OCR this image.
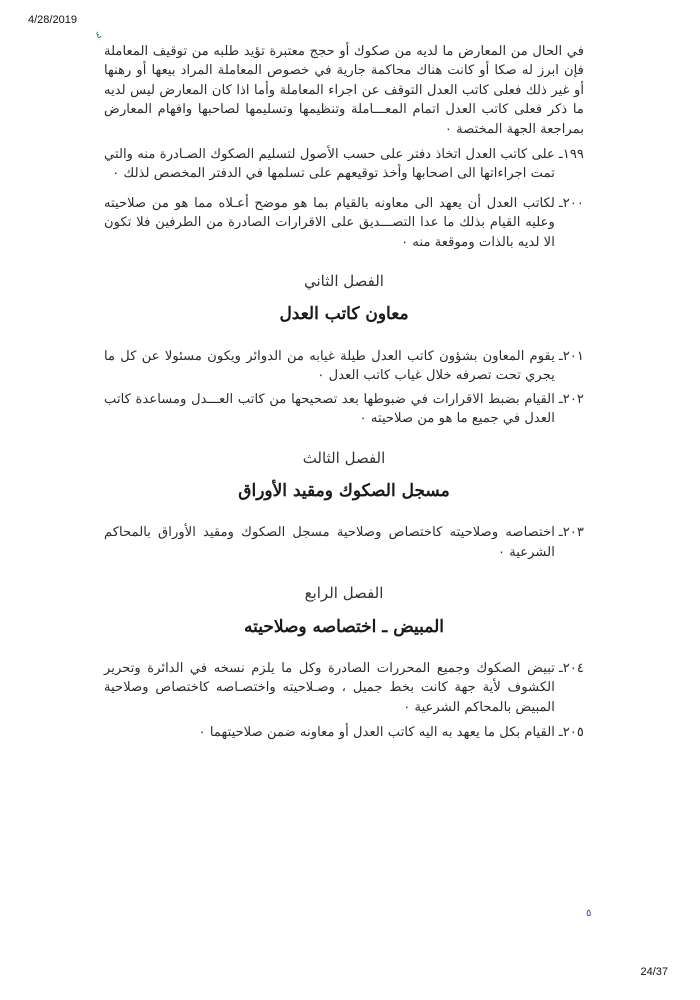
4/28/2019
٤

في الحال من المعارض ما لديه من صكوك أو حجج معتبرة تؤيد طلبه من توقيف المعاملة فإن ابرز له صكا أو كانت هناك محاكمة جارية في خصوص المعاملة المراد بيعها أو رهنها أو غير ذلك فعلى كاتب العدل التوقف عن اجراء المعاملة وأما اذا كان المعارض ليس لديه ما ذكر فعلى كاتب العدل اتمام المعـــاملة وتنظيمها وتسليمها لصاحبها وافهام المعارض بمراجعة الجهة المختصة ٠

١٩٩ـ
على كاتب العدل اتخاذ دفتر على حسب الأصول لتسليم الصكوك الصـادرة منه والتي تمت اجراءاتها الى اصحابها وأخذ توقيعهم على تسلمها في الدفتر المخصص لذلك ٠
٢٠٠ـ
لكاتب العدل أن يعهد الى معاونه بالقيام بما هو موضح أعـلاه مما هو من صلاحيته وعليه القيام بذلك ما عدا التصـــديق على الاقرارات الصادرة من الطرفين فلا تكون الا لديه بالذات وموقعة منه ٠
الفصل الثاني
معاون كاتب العدل
٢٠١ـ
يقوم المعاون بشؤون كاتب العدل طيلة غيابه من الدوائر ويكون مسئولا عن كل ما يجري تحت تصرفه خلال غياب كاتب العدل ٠
٢٠٢ـ
القيام بضبط الاقرارات في ضبوطها بعد تصحيحها من كاتب العـــدل ومساعدة كاتب العدل في جميع ما هو من صلاحيته ٠
الفصل الثالث
مسجل الصكوك ومقيد الأوراق
٢٠٣ـ
اختصاصه وصلاحيته كاختصاص وصلاحية مسجل الصكوك ومقيد الأوراق بالمحاكم الشرعية ٠
الفصل الرابع
المبيض ـ اختصاصه وصلاحيته
٢٠٤ـ
تبيض الصكوك وجميع المحررات الصادرة وكل ما يلزم نسخه في الدائرة وتحرير الكشوف لأية جهة كانت بخط جميل ، وصـلاحيته واختصـاصه كاختصاص وصلاحية المبيض بالمحاكم الشرعية ٠
٢٠٥ـ
القيام بكل ما يعهد به اليه كاتب العدل أو معاونه ضمن صلاحيتهما ٠
٥
24/37
